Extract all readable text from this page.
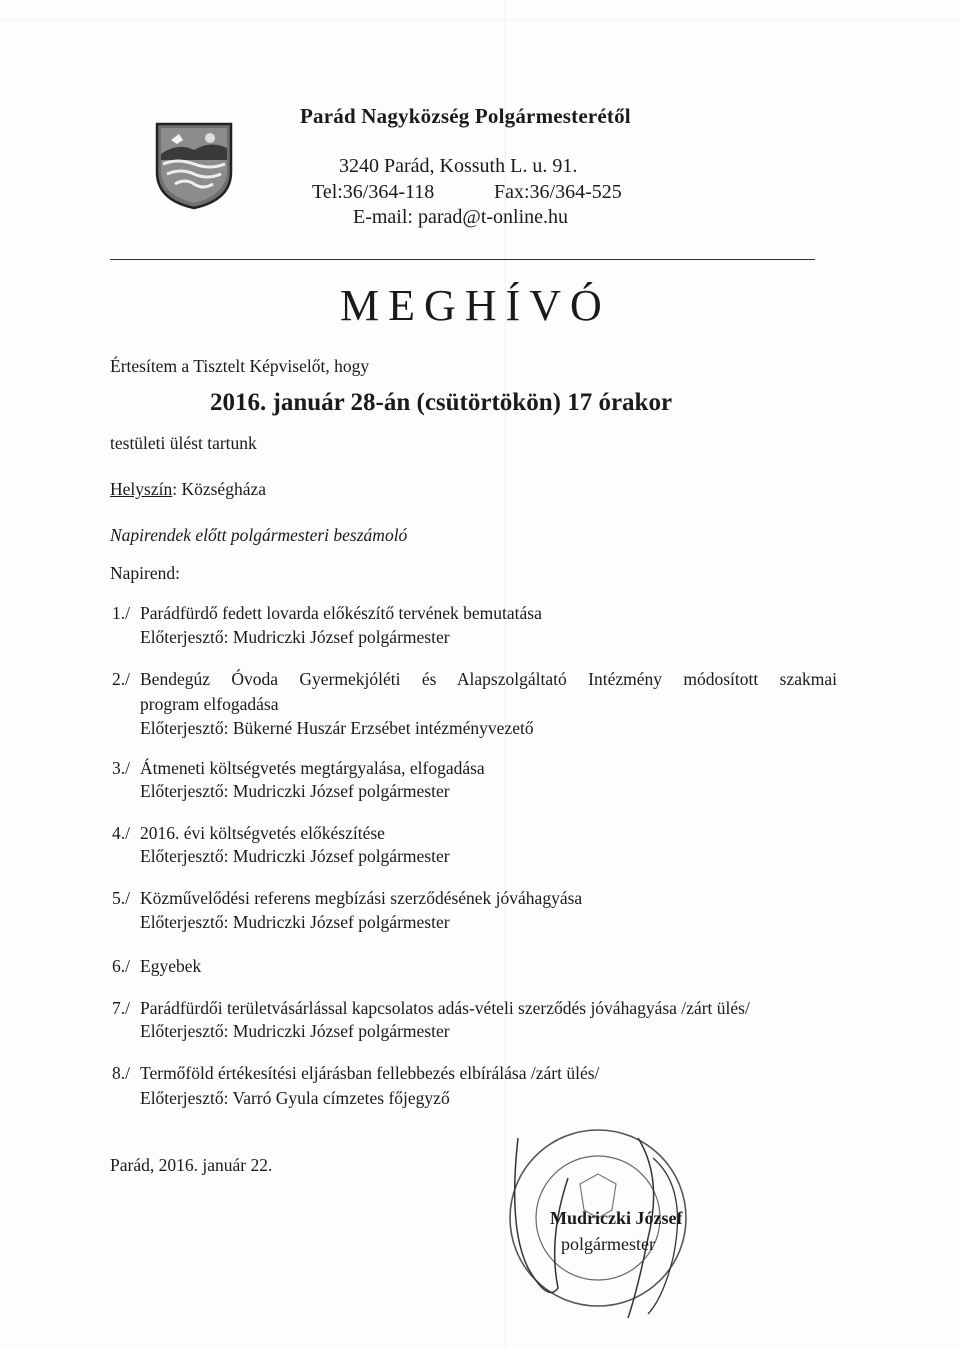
Parád Nagyközség Polgármesterétől
3240 Parád, Kossuth L. u. 91.
Tel:36/364-118	Fax:36/364-525
E-mail: parad@t-online.hu
MEGHÍVÓ
Értesítem a Tisztelt Képviselőt, hogy
2016. január 28-án (csütörtökön) 17 órakor
testületi ülést tartunk
Helyszín: Községháza
Napirendek előtt polgármesteri beszámoló
Napirend:
1./ Parádfürdő fedett lovarda előkészítő tervének bemutatása
Előterjesztő: Mudriczki József polgármester
2./ Bendegúz Óvoda Gyermekjóléti és Alapszolgáltató Intézmény módosított szakmai
program elfogadása
Előterjesztő: Bükerné Huszár Erzsébet intézményvezető
3./ Átmeneti költségvetés megtárgyalása, elfogadása
Előterjesztő: Mudriczki József polgármester
4./ 2016. évi költségvetés előkészítése
Előterjesztő: Mudriczki József polgármester
5./ Közművelődési referens megbízási szerződésének jóváhagyása
Előterjesztő: Mudriczki József polgármester
6./ Egyebek
7./ Parádfürdői területvásárlással kapcsolatos adás-vételi szerződés jóváhagyása /zárt ülés/
Előterjesztő: Mudriczki József polgármester
8./ Termőföld értékesítési eljárásban fellebbezés elbírálása /zárt ülés/
Előterjesztő: Varró Gyula címzetes főjegyző
Parád, 2016. január 22.
Mudriczki József
polgármester
